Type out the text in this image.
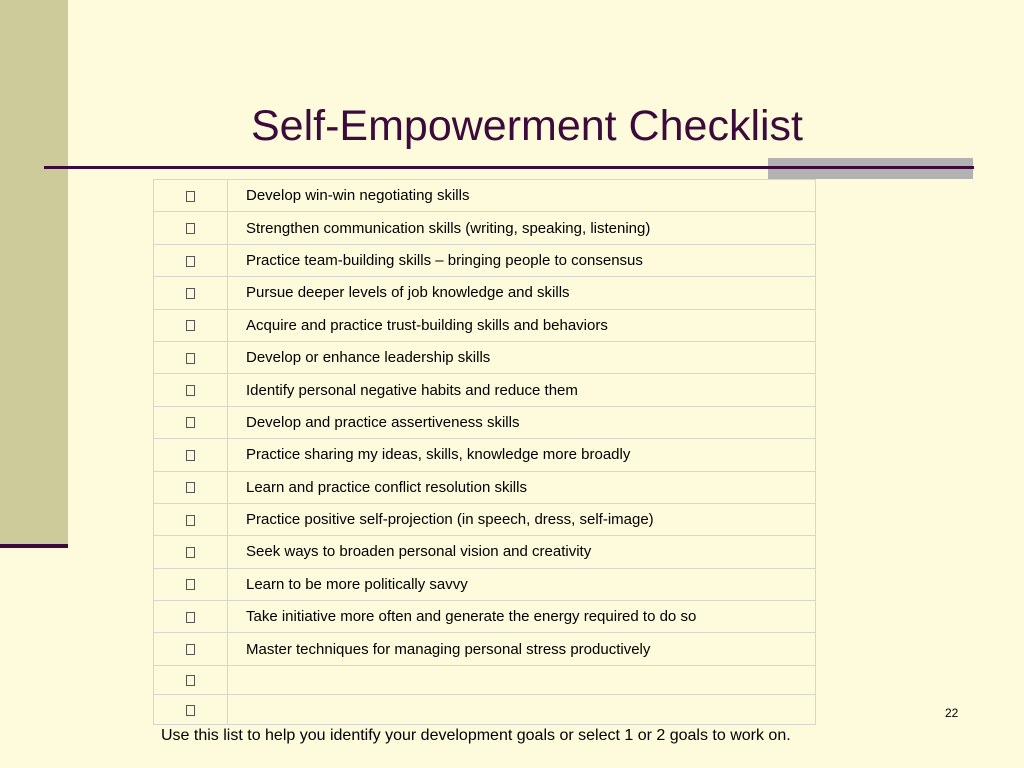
Self-Empowerment Checklist
	Develop win-win negotiating skills
	Strengthen communication skills (writing, speaking, listening)
	Practice team-building skills – bringing people to consensus
	Pursue deeper levels of job knowledge and skills
	Acquire and practice trust-building skills and behaviors
	Develop or enhance leadership skills
	Identify personal negative habits and reduce them
	Develop and practice assertiveness skills
	Practice sharing my ideas, skills, knowledge more broadly
	Learn and practice conflict resolution skills
	Practice positive self-projection (in speech, dress, self-image)
	Seek ways to broaden personal vision and creativity
	Learn to be more politically savvy
	Take initiative more often and generate the energy required to do so
	Master techniques for managing personal stress productively

22
Use this list to help you identify your development goals or select 1 or 2 goals to work on.
